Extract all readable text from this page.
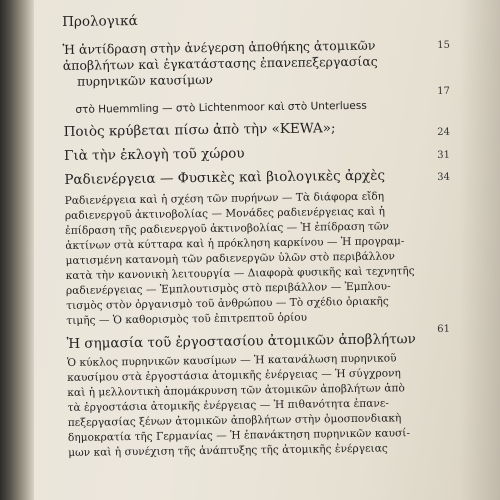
Προλογικά
Ἡ ἀντίδραση στὴν ἀνέγερση ἀποθήκης ἀτομικῶν
ἀποβλήτων καὶ ἐγκατάστασης ἐπανεπεξεργασίας
πυρηνικῶν καυσίμων
στὸ Huemmling — στὸ Lichtenmoor καὶ στὸ Unterluess
Ποιὸς κρύβεται πίσω ἀπὸ τὴν «KEWA»;
Γιὰ τὴν ἐκλογὴ τοῦ χώρου
Ραδιενέργεια — Φυσικὲς καὶ βιολογικὲς ἀρχὲς
Ραδιενέργεια καὶ ἡ σχέση τῶν πυρήνων — Τὰ διάφορα εἴδη
ραδιενεργοῦ ἀκτινοβολίας — Μονάδες ραδιενέργειας καὶ ἡ
ἐπίδραση τῆς ραδιενεργοῦ ἀκτινοβολίας — Ἡ ἐπίδραση τῶν
ἀκτίνων στὰ κύτταρα καὶ ἡ πρόκληση καρκίνου — Ἡ προγραμ-
ματισμένη κατανομὴ τῶν ραδιενεργῶν ὑλῶν στὸ περιβάλλον
κατὰ τὴν κανονικὴ λειτουργία — Διαφορὰ φυσικῆς καὶ τεχνητῆς
ραδιενέργειας — Ἐμπλουτισμὸς στὸ περιβάλλον — Ἐμπλου-
τισμὸς στὸν ὀργανισμὸ τοῦ ἀνθρώπου — Τὸ σχέδιο ὁριακῆς
τιμῆς — Ὁ καθορισμὸς τοῦ ἐπιτρεπτοῦ ὁρίου
Ἡ σημασία τοῦ ἐργοστασίου ἀτομικῶν ἀποβλήτων
Ὁ κύκλος πυρηνικῶν καυσίμων — Ἡ κατανάλωση πυρηνικοῦ
καυσίμου στὰ ἐργοστάσια ἀτομικῆς ἐνέργειας — Ἡ σύγχρονη
καὶ ἡ μελλοντικὴ ἀπομάκρυνση τῶν ἀτομικῶν ἀποβλήτων ἀπὸ
τὰ ἐργοστάσια ἀτομικῆς ἐνέργειας — Ἡ πιθανότητα ἐπανε-
πεξεργασίας ξένων ἀτομικῶν ἀποβλήτων στὴν ὁμοσπονδιακὴ
δημοκρατία τῆς Γερμανίας — Ἡ ἐπανάκτηση πυρηνικῶν καυσί-
μων καὶ ἡ συνέχιση τῆς ἀνάπτυξης τῆς ἀτομικῆς ἐνέργειας
15
17
24
31
34
61
